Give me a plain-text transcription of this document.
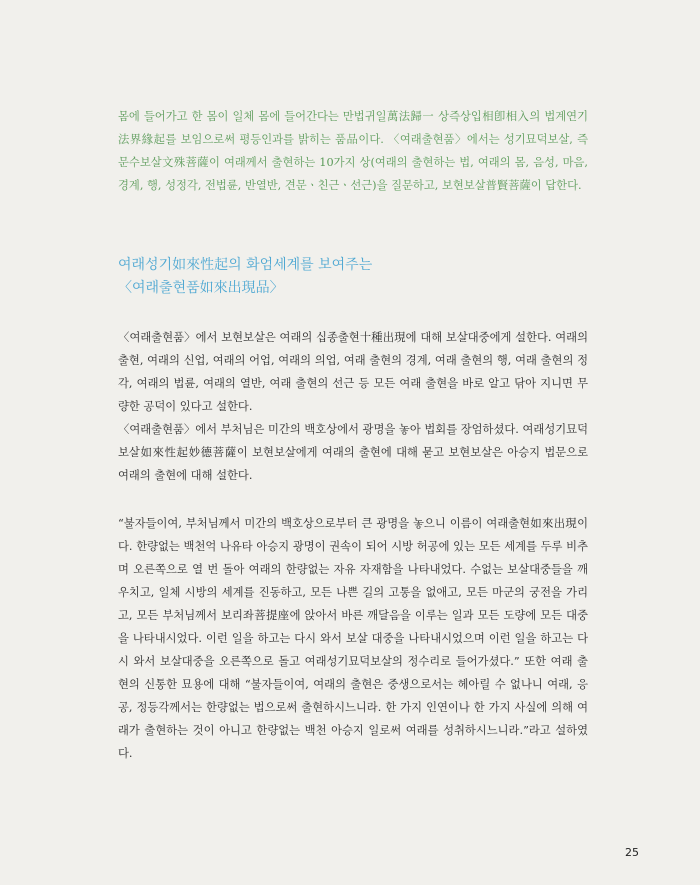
몸에 들어가고 한 몸이 일체 몸에 들어간다는 만법귀일萬法歸一 상즉상입相卽相入의 법계연기法界緣起를 보임으로써 평등인과를 밝히는 품品이다. 〈여래출현품〉에서는 성기묘덕보살, 즉 문수보살文殊菩薩이 여래께서 출현하는 10가지 상(여래의 출현하는 법, 여래의 몸, 음성, 마음, 경계, 행, 성정각, 전법륜, 반열반, 견문ㆍ친근ㆍ선근)을 질문하고, 보현보살普賢菩薩이 답한다.

여래성기如來性起의 화엄세계를 보여주는
〈여래출현품如來出現品〉

〈여래출현품〉에서 보현보살은 여래의 십종출현十種出現에 대해 보살대중에게 설한다. 여래의 출현, 여래의 신업, 여래의 어업, 여래의 의업, 여래 출현의 경계, 여래 출현의 행, 여래 출현의 정각, 여래의 법륜, 여래의 열반, 여래 출현의 선근 등 모든 여래 출현을 바로 알고 닦아 지니면 무량한 공덕이 있다고 설한다.

〈여래출현품〉에서 부처님은 미간의 백호상에서 광명을 놓아 법회를 장엄하셨다. 여래성기묘덕보살如來性起妙德菩薩이 보현보살에게 여래의 출현에 대해 묻고 보현보살은 아승지 법문으로 여래의 출현에 대해 설한다.

“불자들이여, 부처님께서 미간의 백호상으로부터 큰 광명을 놓으니 이름이 여래출현如來出現이다. 한량없는 백천억 나유타 아승지 광명이 권속이 되어 시방 허공에 있는 모든 세계를 두루 비추며 오른쪽으로 열 번 돌아 여래의 한량없는 자유 자재함을 나타내었다. 수없는 보살대중들을 깨우치고, 일체 시방의 세계를 진동하고, 모든 나쁜 길의 고통을 없애고, 모든 마군의 궁전을 가리고, 모든 부처님께서 보리좌菩提座에 앉아서 바른 깨달음을 이루는 일과 모든 도량에 모든 대중을 나타내시었다. 이런 일을 하고는 다시 와서 보살 대중을 나타내시었으며 이런 일을 하고는 다시 와서 보살대중을 오른쪽으로 돌고 여래성기묘덕보살의 정수리로 들어가셨다.” 또한 여래 출현의 신통한 묘용에 대해 “불자들이여, 여래의 출현은 중생으로서는 헤아릴 수 없나니 여래, 응공, 정등각께서는 한량없는 법으로써 출현하시느니라. 한 가지 인연이나 한 가지 사실에 의해 여래가 출현하는 것이 아니고 한량없는 백천 아승지 일로써 여래를 성취하시느니라.”라고 설하였다.

25
